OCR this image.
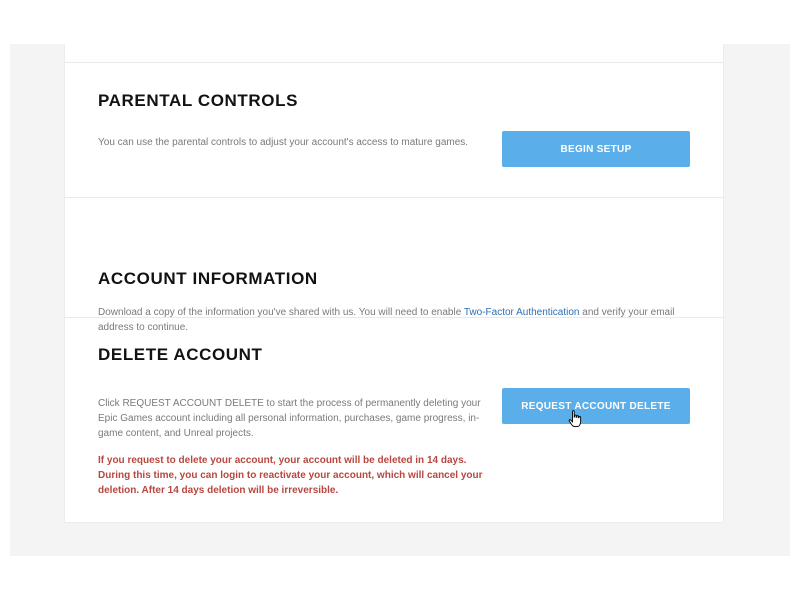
PARENTAL CONTROLS

You can use the parental controls to adjust your account's access to mature games.

BEGIN SETUP
ACCOUNT INFORMATION

Download a copy of the information you've shared with us. You will need to enable Two-Factor Authentication and verify your email address to continue.

DELETE ACCOUNT

Click REQUEST ACCOUNT DELETE to start the process of permanently deleting your Epic Games account including all personal information, purchases, game progress, in-game content, and Unreal projects.

If you request to delete your account, your account will be deleted in 14 days. During this time, you can login to reactivate your account, which will cancel your deletion. After 14 days deletion will be irreversible.

REQUEST ACCOUNT DELETE
